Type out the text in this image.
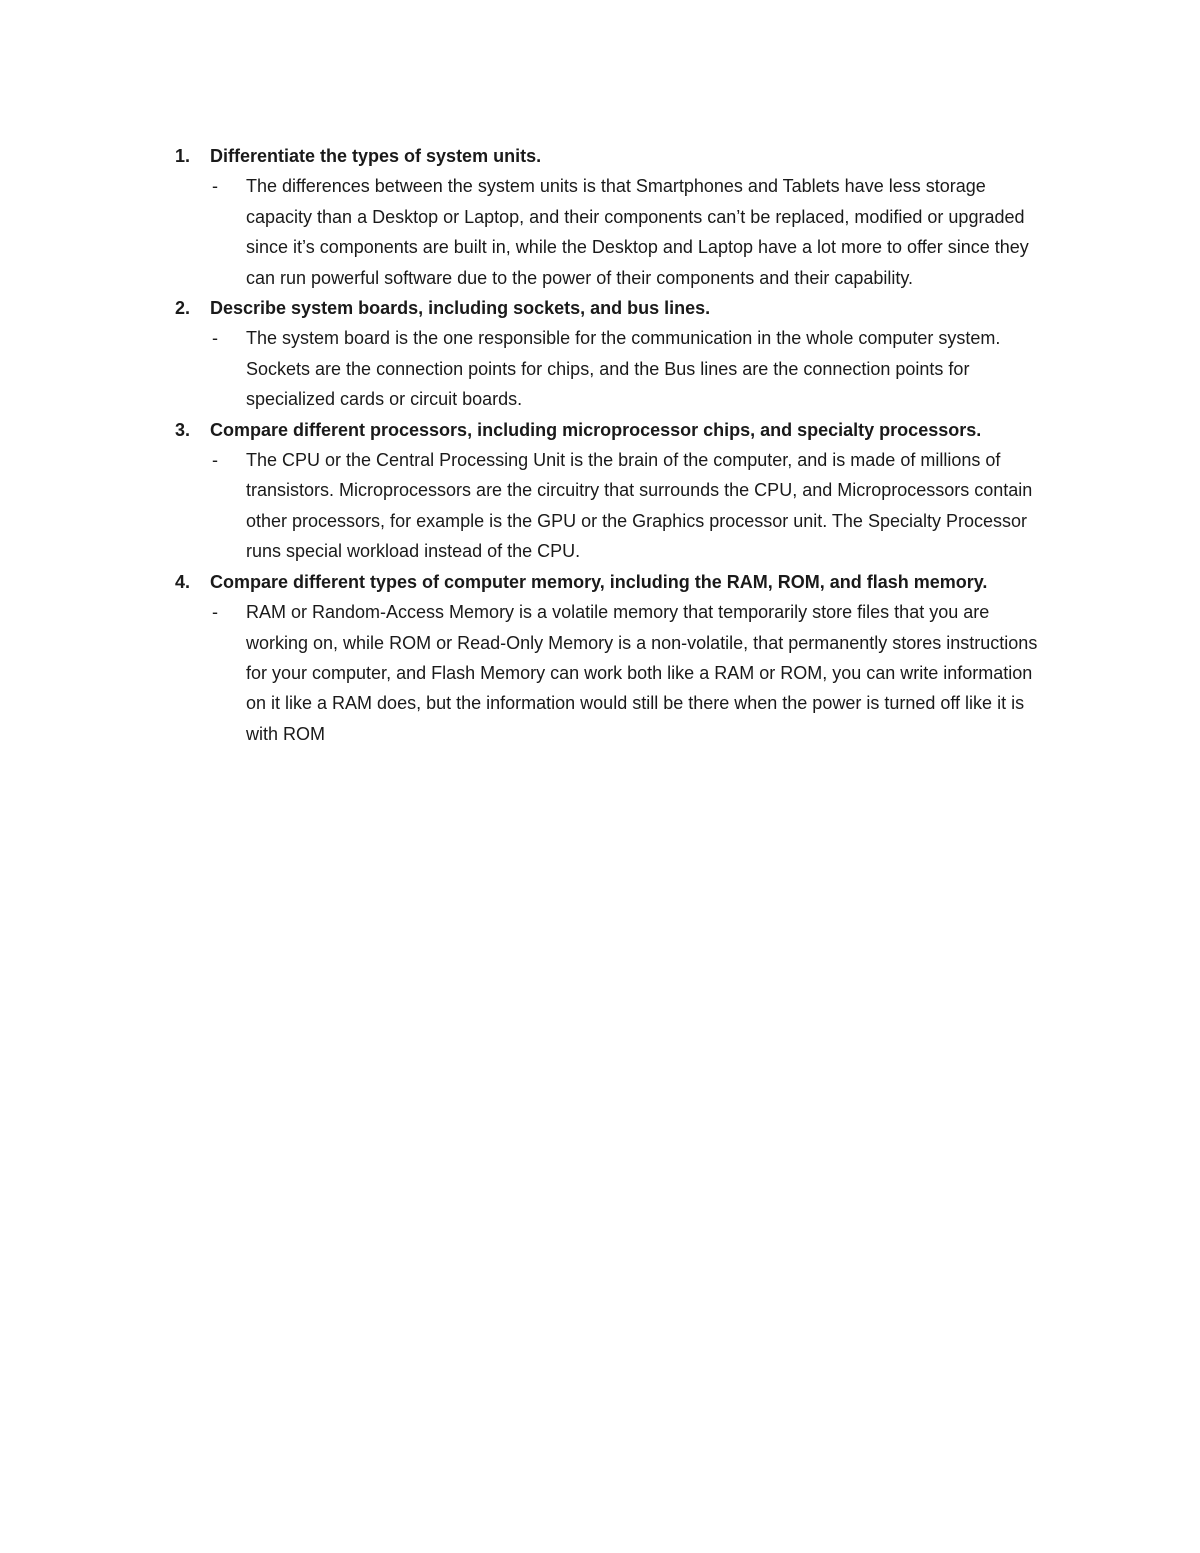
1.	Differentiate the types of system units.
- The differences between the system units is that Smartphones and Tablets have less storage capacity than a Desktop or Laptop, and their components can’t be replaced, modified or upgraded since it’s components are built in, while the Desktop and Laptop have a lot more to offer since they can run powerful software due to the power of their components and their capability.
2.	Describe system boards, including sockets, and bus lines.
- The system board is the one responsible for the communication in the whole computer system. Sockets are the connection points for chips, and the Bus lines are the connection points for specialized cards or circuit boards.
3.	Compare different processors, including microprocessor chips, and specialty processors.
- The CPU or the Central Processing Unit is the brain of the computer, and is made of millions of transistors. Microprocessors are the circuitry that surrounds the CPU, and Microprocessors contain other processors, for example is the GPU or the Graphics processor unit. The Specialty Processor runs special workload instead of the CPU.
4.	Compare different types of computer memory, including the RAM, ROM, and flash memory.
- RAM or Random-Access Memory is a volatile memory that temporarily store files that you are working on, while ROM or Read-Only Memory is a non-volatile, that permanently stores instructions for your computer, and Flash Memory can work both like a RAM or ROM, you can write information on it like a RAM does, but the information would still be there when the power is turned off like it is with ROM
